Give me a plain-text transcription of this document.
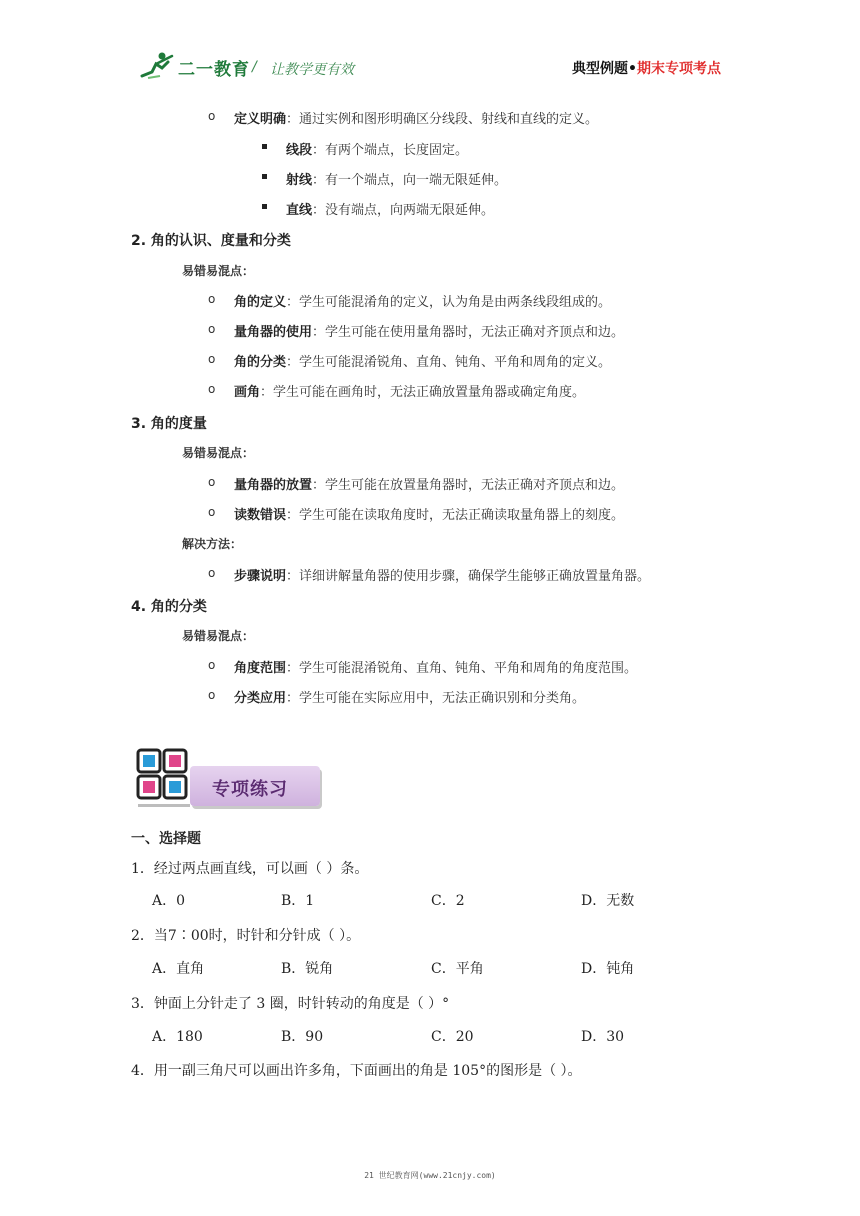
二一教育 / 让教学更有效	典型例题•期末专项考点
o 定义明确：通过实例和图形明确区分线段、射线和直线的定义。
线段：有两个端点，长度固定。
射线：有一个端点，向一端无限延伸。
直线：没有端点，向两端无限延伸。
2. 角的认识、度量和分类
易错易混点：
o 角的定义：学生可能混淆角的定义，认为角是由两条线段组成的。
o 量角器的使用：学生可能在使用量角器时，无法正确对齐顶点和边。
o 角的分类：学生可能混淆锐角、直角、钝角、平角和周角的定义。
o 画角：学生可能在画角时，无法正确放置量角器或确定角度。
3. 角的度量
易错易混点：
o 量角器的放置：学生可能在放置量角器时，无法正确对齐顶点和边。
o 读数错误：学生可能在读取角度时，无法正确读取量角器上的刻度。
解决方法：
o 步骤说明：详细讲解量角器的使用步骤，确保学生能够正确放置量角器。
4. 角的分类
易错易混点：
o 角度范围：学生可能混淆锐角、直角、钝角、平角和周角的角度范围。
o 分类应用：学生可能在实际应用中，无法正确识别和分类角。
专项练习
一、选择题
1．经过两点画直线，可以画（ ）条。
A．0	B．1	C．2	D．无数
2．当7∶00时，时针和分针成（ ）。
A．直角	B．锐角	C．平角	D．钝角
3．钟面上分针走了 3 圈，时针转动的角度是（ ）°
A．180	B．90	C．20	D．30
4．用一副三角尺可以画出许多角，下面画出的角是 105°的图形是（ ）。
21 世纪教育网(www.21cnjy.com)
